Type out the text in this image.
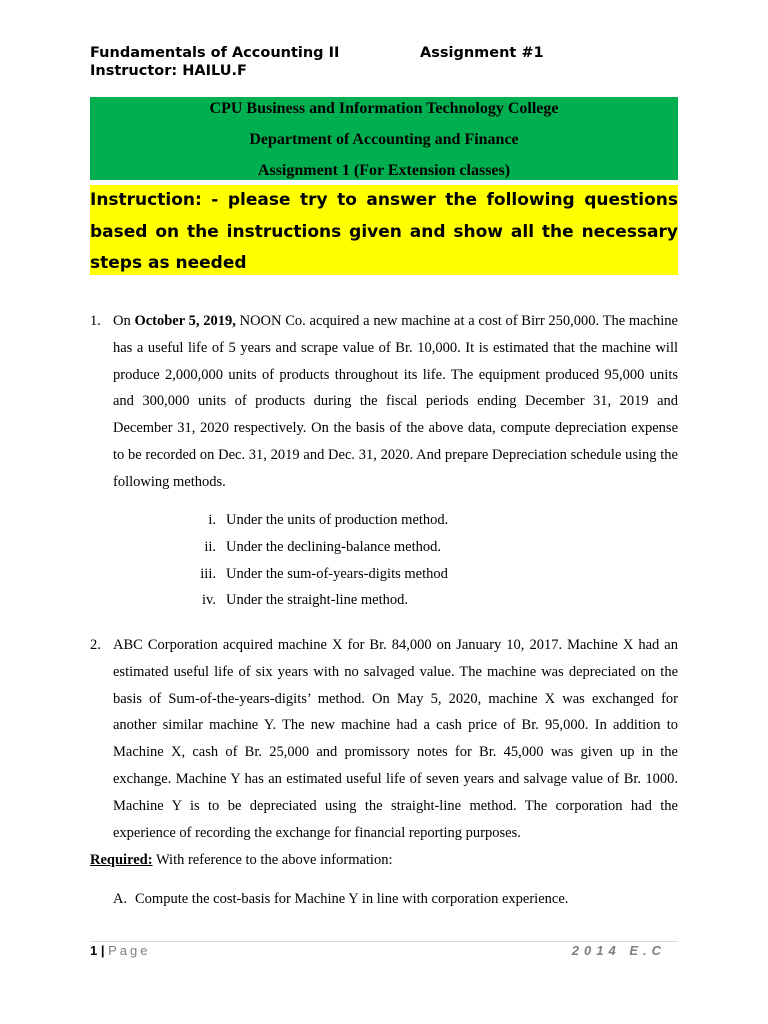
Fundamentals of Accounting II	Assignment #1
Instructor: HAILU.F
CPU Business and Information Technology College
Department of Accounting and Finance
Assignment 1 (For Extension classes)
Instruction: - please try to answer the following questions based on the instructions given and show all the necessary steps as needed
1. On October 5, 2019, NOON Co. acquired a new machine at a cost of Birr 250,000. The machine has a useful life of 5 years and scrape value of Br. 10,000. It is estimated that the machine will produce 2,000,000 units of products throughout its life. The equipment produced 95,000 units and 300,000 units of products during the fiscal periods ending December 31, 2019 and December 31, 2020 respectively. On the basis of the above data, compute depreciation expense to be recorded on Dec. 31, 2019 and Dec. 31, 2020. And prepare Depreciation schedule using the following methods.
i. Under the units of production method.
ii. Under the declining-balance method.
iii. Under the sum-of-years-digits method
iv. Under the straight-line method.
2. ABC Corporation acquired machine X for Br. 84,000 on January 10, 2017. Machine X had an estimated useful life of six years with no salvaged value. The machine was depreciated on the basis of Sum-of-the-years-digits’ method. On May 5, 2020, machine X was exchanged for another similar machine Y. The new machine had a cash price of Br. 95,000. In addition to Machine X, cash of Br. 25,000 and promissory notes for Br. 45,000 was given up in the exchange. Machine Y has an estimated useful life of seven years and salvage value of Br. 1000. Machine Y is to be depreciated using the straight-line method. The corporation had the experience of recording the exchange for financial reporting purposes.
Required: With reference to the above information:
A. Compute the cost-basis for Machine Y in line with corporation experience.
1 | Page	2014 E.C
